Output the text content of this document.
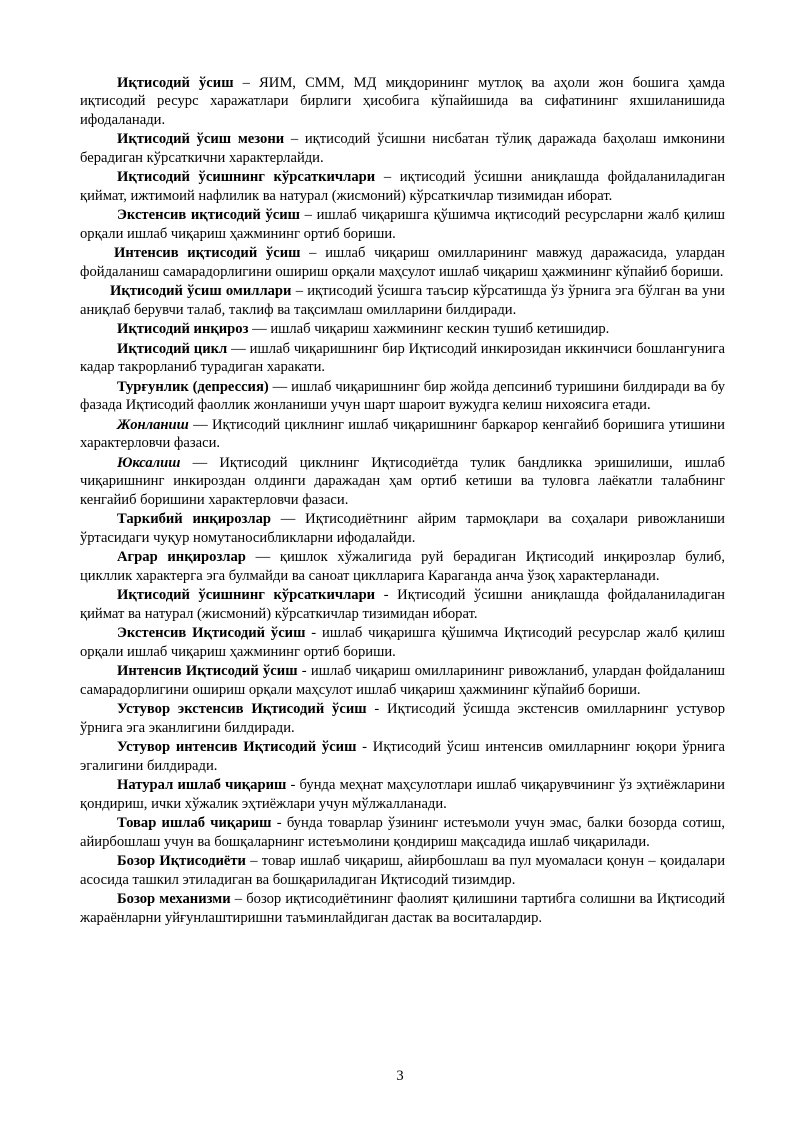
Иқтисодий ўсиш – ЯИМ, СММ, МД миқдорининг мутлоқ ва аҳоли жон бошига ҳамда иқтисодий ресурс харажатлари бирлиги ҳисобига кўпайишида ва сифатининг яхшиланишида ифодаланади.

Иқтисодий ўсиш мезони – иқтисодий ўсишни нисбатан тўлиқ даражада баҳолаш имконини берадиган кўрсаткични характерлайди.

Иқтисодий ўсишнинг кўрсаткичлари – иқтисодий ўсишни аниқлашда фойдаланиладиган қиймат, ижтимоий нафлилик ва натурал (жисмоний) кўрсаткичлар тизимидан иборат.

Экстенсив иқтисодий ўсиш – ишлаб чиқаришга қўшимча иқтисодий ресурсларни жалб қилиш орқали ишлаб чиқариш ҳажмининг ортиб бориши.

Интенсив иқтисодий ўсиш – ишлаб чиқариш омилларининг мавжуд даражасида, улардан фойдаланиш самарадорлигини ошириш орқали маҳсулот ишлаб чиқариш ҳажмининг кўпайиб бориши.

Иқтисодий ўсиш омиллари – иқтисодий ўсишга таъсир кўрсатишда ўз ўрнига эга бўлган ва уни аниқлаб берувчи талаб, таклиф ва тақсимлаш омилларини билдиради.

Иқтисодий инқироз — ишлаб чиқариш хажмининг кескин тушиб кетишидир.

Иқтисодий цикл — ишлаб чиқаришнинг бир Иқтисодий инкирозидан иккинчиси бошлангунига кадар такрорланиб турадиган харакати.

Турғунлик (депрессия) — ишлаб чиқаришнинг бир жойда депсиниб туришини билдиради ва бу фазада Иқтисодий фаоллик жонланиши учун шарт шароит вужудга келиш нихоясига етади.

Жонланиш — Иқтисодий циклнинг ишлаб чиқаришнинг баркарор кенгайиб боришига утишини характерловчи фазаси.

Юксалиш — Иқтисодий циклнинг Иқтисодиётда тулик бандликка эришилиши, ишлаб чиқаришнинг инкироздан олдинги даражадан ҳам ортиб кетиши ва туловга лаёкатли талабнинг кенгайиб боришини характерловчи фазаси.

Таркибий инқирозлар — Иқтисодиётнинг айрим тармоқлари ва соҳалари ривожланиши ўртасидаги чуқур номутаносибликларни ифодалайди.

Аграр инқирозлар — қишлок хўжалигида руй берадиган Иқтисодий инқирозлар булиб, цикллик характерга эга булмайди ва саноат циклларига Караганда анча ўзоқ характерланади.

Иқтисодий ўсишнинг кўрсаткичлари - Иқтисодий ўсишни аниқлашда фойдаланиладиган қиймат ва натурал (жисмоний) кўрсаткичлар тизимидан иборат.

Экстенсив Иқтисодий ўсиш - ишлаб чиқаришга қўшимча Иқтисодий ресурслар жалб қилиш орқали ишлаб чиқариш ҳажмининг ортиб бориши.

Интенсив Иқтисодий ўсиш - ишлаб чиқариш омилларининг ривожланиб, улардан фойдаланиш самарадорлигини ошириш орқали маҳсулот ишлаб чиқариш ҳажмининг кўпайиб бориши.

Устувор экстенсив Иқтисодий ўсиш - Иқтисодий ўсишда экстенсив омилларнинг устувор ўрнига эга эканлигини билдиради.

Устувор интенсив Иқтисодий ўсиш - Иқтисодий ўсиш интенсив омилларнинг юқори ўрнига эгалигини билдиради.

Натурал ишлаб чиқариш - бунда меҳнат маҳсулотлари ишлаб чиқарувчининг ўз эҳтиёжларини қондириш, ички хўжалик эҳтиёжлари учун мўлжалланади.

Товар ишлаб чиқариш - бунда товарлар ўзининг истеъмоли учун эмас, балки бозорда сотиш, айирбошлаш учун ва бошқаларнинг истеъмолини қондириш мақсадида ишлаб чиқарилади.

Бозор Иқтисодиёти – товар ишлаб чиқариш, айирбошлаш ва пул муомаласи қонун – қоидалари асосида ташкил этиладиган ва бошқариладиган Иқтисодий тизимдир.

Бозор механизми – бозор иқтисодиётининг фаолият қилишини тартибга солишни ва Иқтисодий жараёнларни уйғунлаштиришни таъминлайдиган дастак ва воситалардир.

3
